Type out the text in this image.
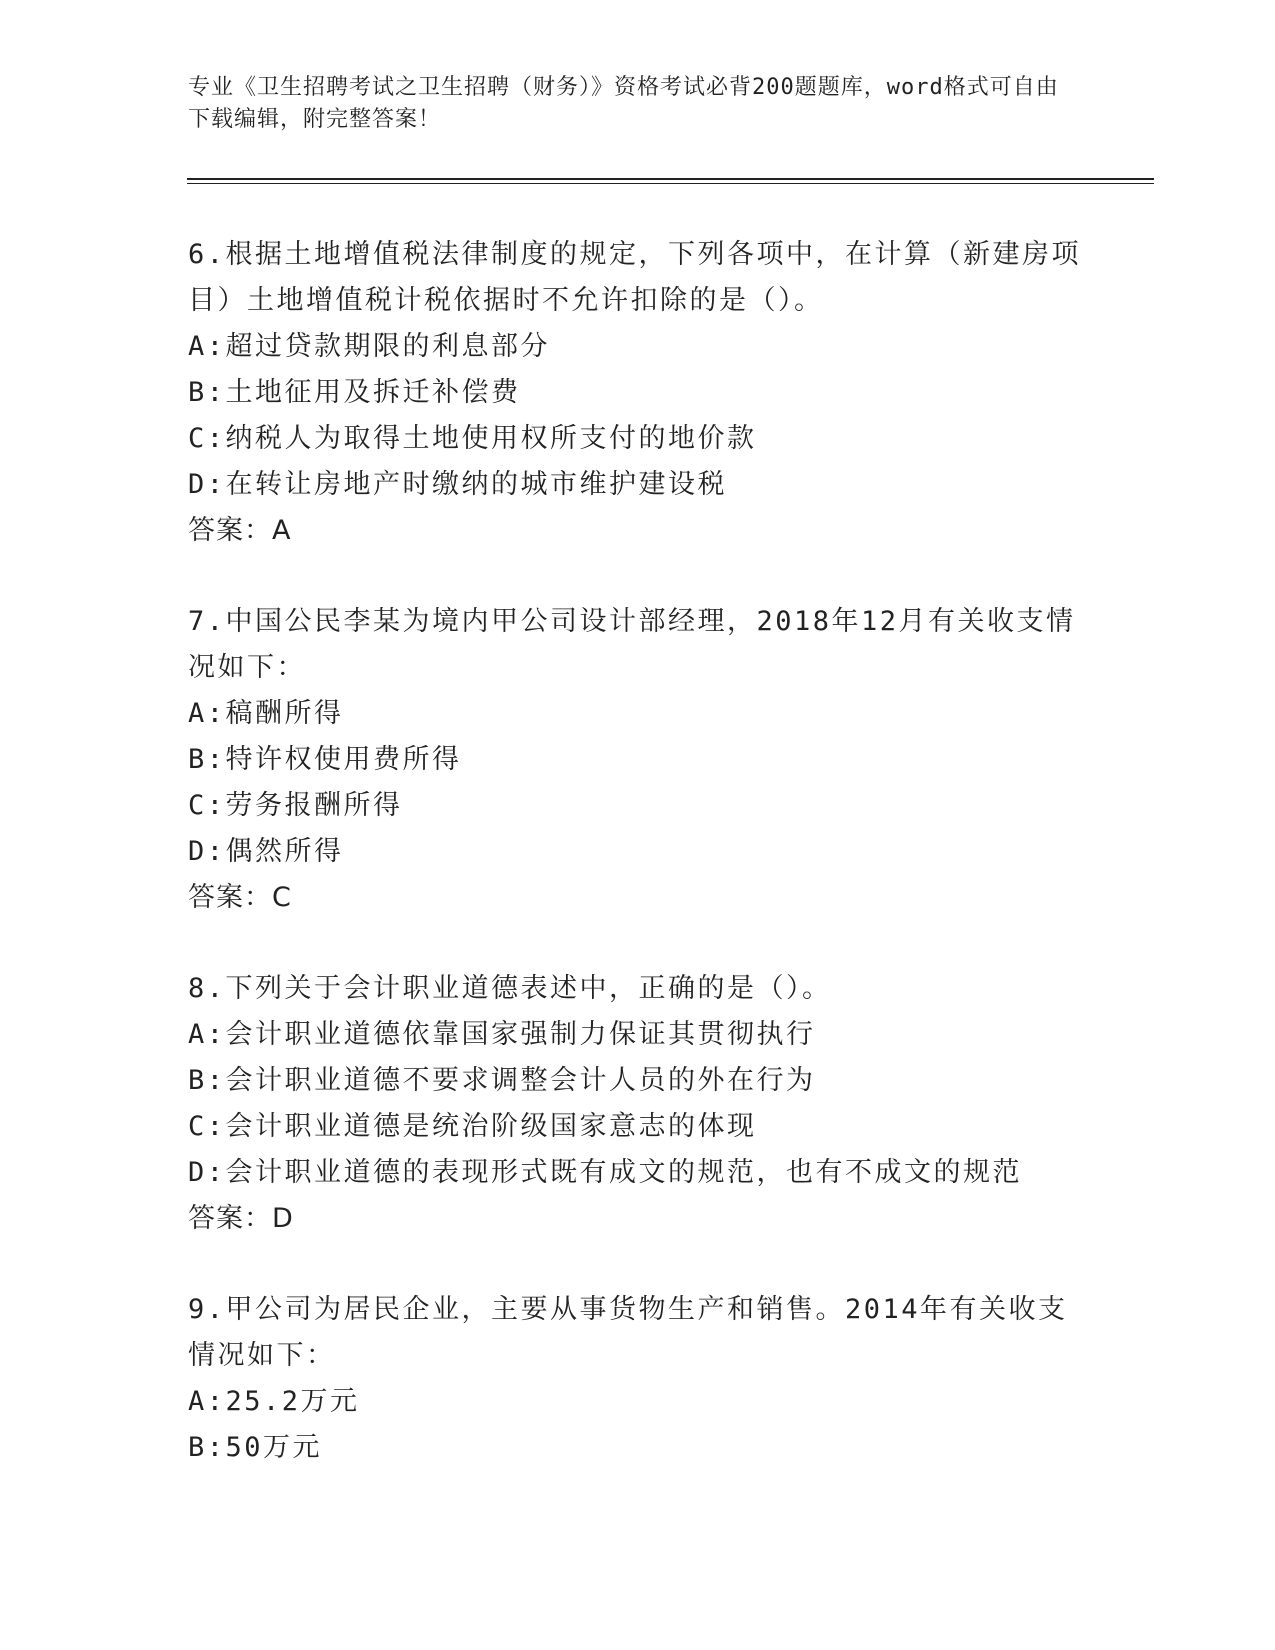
专业《卫生招聘考试之卫生招聘（财务）》资格考试必背200题题库，word格式可自由下载编辑，附完整答案！
6.根据土地增值税法律制度的规定，下列各项中，在计算（新建房项目）土地增值税计税依据时不允许扣除的是（）。
A:超过贷款期限的利息部分
B:土地征用及拆迁补偿费
C:纳税人为取得土地使用权所支付的地价款
D:在转让房地产时缴纳的城市维护建设税
答案：A
7.中国公民李某为境内甲公司设计部经理，2018年12月有关收支情况如下：
A:稿酬所得
B:特许权使用费所得
C:劳务报酬所得
D:偶然所得
答案：C
8.下列关于会计职业道德表述中，正确的是（）。
A:会计职业道德依靠国家强制力保证其贯彻执行
B:会计职业道德不要求调整会计人员的外在行为
C:会计职业道德是统治阶级国家意志的体现
D:会计职业道德的表现形式既有成文的规范，也有不成文的规范
答案：D
9.甲公司为居民企业，主要从事货物生产和销售。2014年有关收支情况如下：
A:25.2万元
B:50万元
